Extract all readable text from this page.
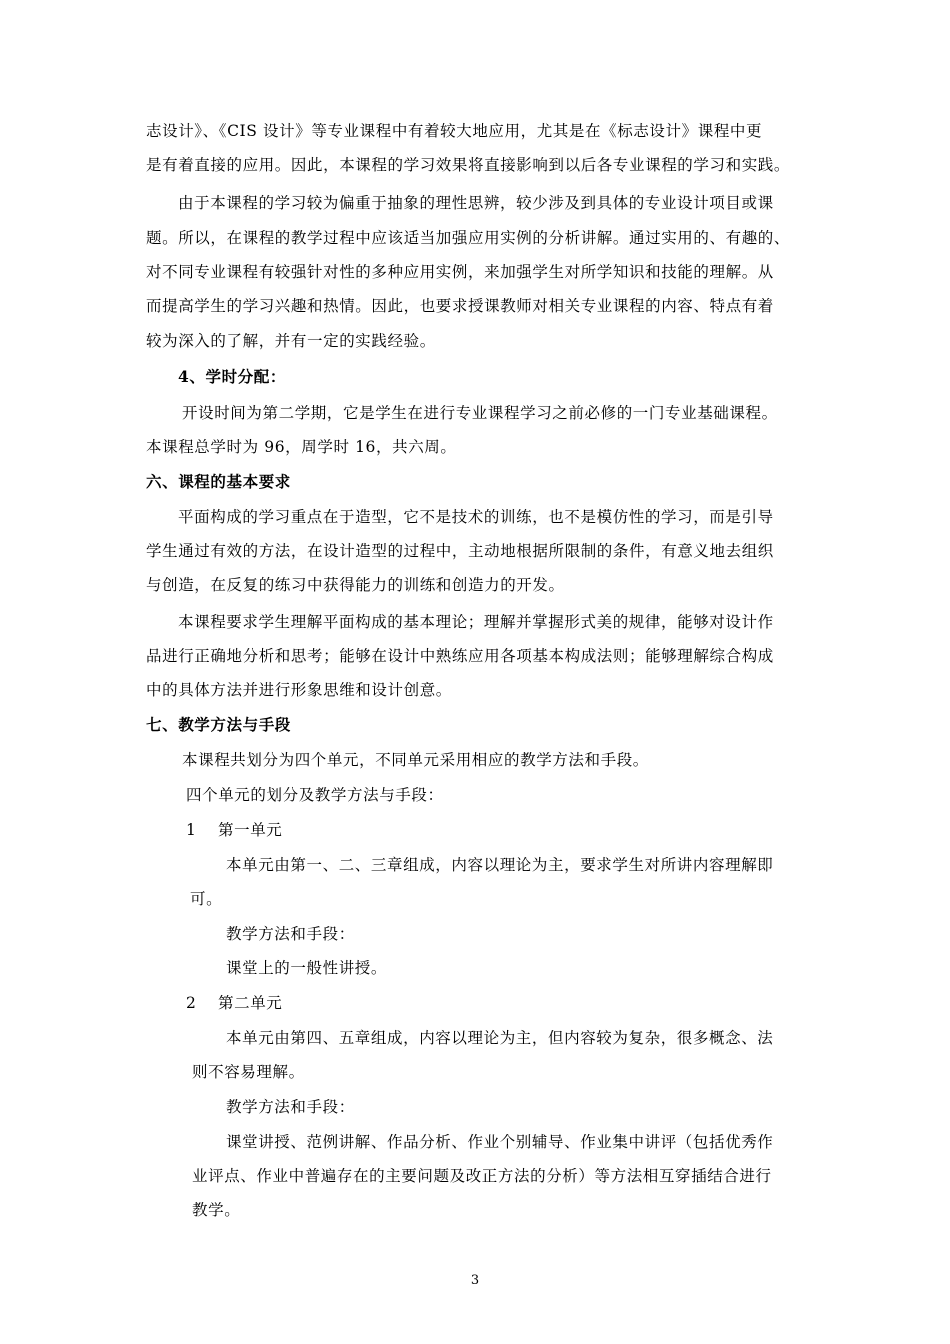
志设计》、《CIS 设计》等专业课程中有着较大地应用，尤其是在《标志设计》课程中更
是有着直接的应用。因此，本课程的学习效果将直接影响到以后各专业课程的学习和实践。
由于本课程的学习较为偏重于抽象的理性思辨，较少涉及到具体的专业设计项目或课
题。所以，在课程的教学过程中应该适当加强应用实例的分析讲解。通过实用的、有趣的、
对不同专业课程有较强针对性的多种应用实例，来加强学生对所学知识和技能的理解。从
而提高学生的学习兴趣和热情。因此，也要求授课教师对相关专业课程的内容、特点有着
较为深入的了解，并有一定的实践经验。
4、学时分配：
开设时间为第二学期，它是学生在进行专业课程学习之前必修的一门专业基础课程。
本课程总学时为 96，周学时 16，共六周。
六、课程的基本要求
平面构成的学习重点在于造型，它不是技术的训练，也不是模仿性的学习，而是引导
学生通过有效的方法，在设计造型的过程中，主动地根据所限制的条件，有意义地去组织
与创造，在反复的练习中获得能力的训练和创造力的开发。
本课程要求学生理解平面构成的基本理论；理解并掌握形式美的规律，能够对设计作
品进行正确地分析和思考；能够在设计中熟练应用各项基本构成法则；能够理解综合构成
中的具体方法并进行形象思维和设计创意。
七、教学方法与手段
本课程共划分为四个单元，不同单元采用相应的教学方法和手段。
四个单元的划分及教学方法与手段：
1 第一单元
本单元由第一、二、三章组成，内容以理论为主，要求学生对所讲内容理解即
可。
教学方法和手段：
课堂上的一般性讲授。
2 第二单元
本单元由第四、五章组成，内容以理论为主，但内容较为复杂，很多概念、法
则不容易理解。
教学方法和手段：
课堂讲授、范例讲解、作品分析、作业个别辅导、作业集中讲评（包括优秀作
业评点、作业中普遍存在的主要问题及改正方法的分析）等方法相互穿插结合进行
教学。
3
